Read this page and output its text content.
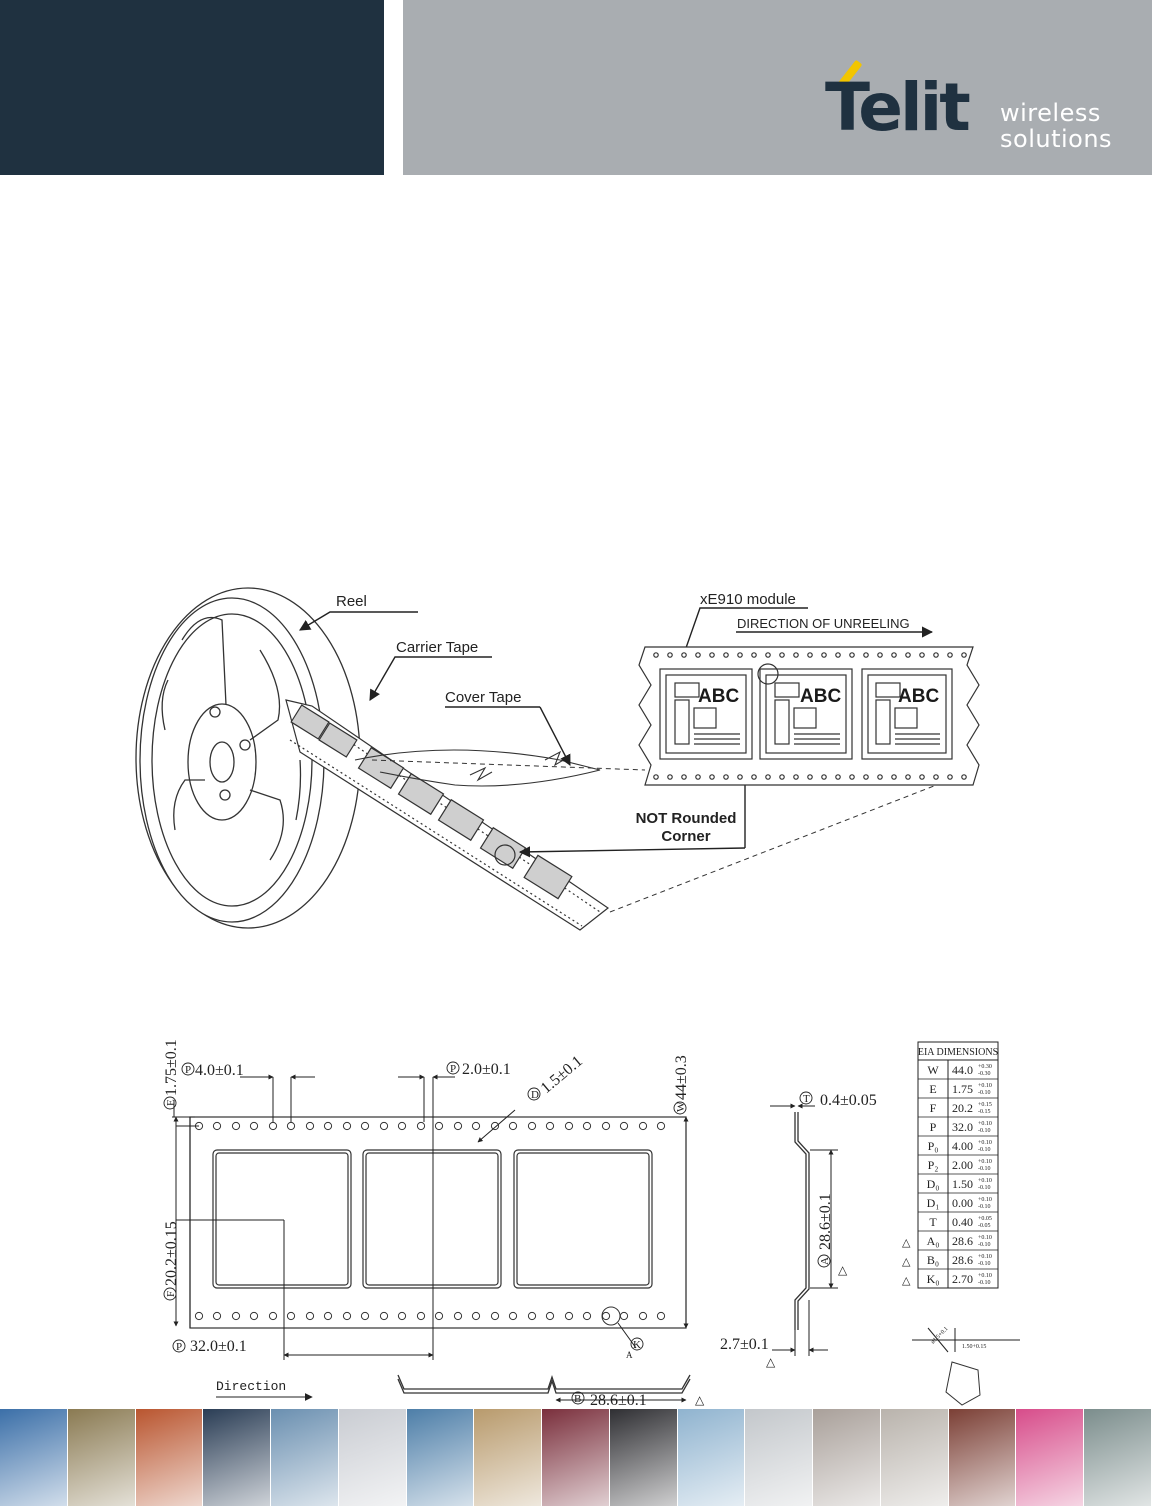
Telit wireless
solutions
Reel
Carrier Tape
Cover Tape
xE910 module
DIRECTION OF UNREELING
NOT Rounded
Corner
ABC	ABC	ABC
P	P
D
E	W
F
P	K
A
T
A
B
4.0±0.1	2.0±0.1 1.5±0.1
1.75±0.1	44±0.3
20.2±0.15
32.0±0.1
0.4±0.05
28.6±0.1
2.7±0.1
28.6±0.1
Direction
ø1.5+0.1
1.50+0.15
△
△
△
EIA DIMENSIONS
W 44.0 +0.30
-0.30
E 1.75 +0.10
-0.10
F 20.2 +0.15
-0.15
P 32.0 +0.10
-0.10
P₀ 4.00 +0.10
-0.10
P₂ 2.00 +0.10
-0.10
D₀ 1.50 +0.10
-0.10
D₁ 0.00 +0.10
-0.10
T 0.40 +0.05
-0.05
A₀ 28.6 +0.10
-0.10
△
B₀ 28.6 +0.10
-0.10
△
K₀ 2.70 +0.10
-0.10
△
